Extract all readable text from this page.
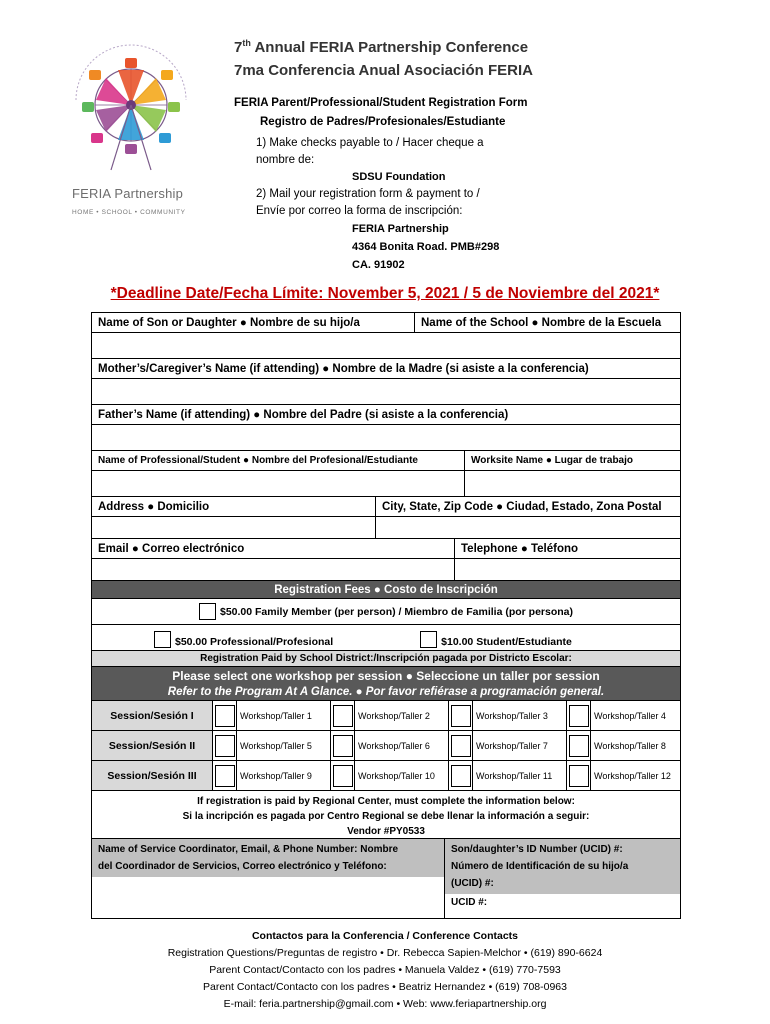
FERIA Partnership
HOME • SCHOOL • COMMUNITY
7th Annual FERIA Partnership Conference
7ma Conferencia Anual Asociación FERIA
FERIA Parent/Professional/Student Registration Form
Registro de Padres/Profesionales/Estudiante
1) Make checks payable to / Hacer cheque a
nombre de:
SDSU Foundation
2) Mail your registration form & payment to /
Envíe por correo la forma de inscripción:
FERIA Partnership
4364 Bonita Road. PMB#298
CA. 91902
*Deadline Date/Fecha Límite: November 5, 2021 / 5 de Noviembre del 2021*
Name of Son or Daughter ● Nombre de su hijo/a	Name of the School ● Nombre de la Escuela
Mother’s/Caregiver’s Name (if attending) ● Nombre de la Madre (si asiste a la conferencia)
Father’s Name (if attending) ● Nombre del Padre (si asiste a la conferencia)
Name of Professional/Student ● Nombre del Profesional/Estudiante	Worksite Name ● Lugar de trabajo
Address ● Domicilio	City, State, Zip Code ● Ciudad, Estado, Zona Postal
Email ● Correo electrónico	Telephone ● Teléfono
Registration Fees ● Costo de Inscripción
$50.00 Family Member (per person) / Miembro de Familia (por persona)
$50.00 Professional/Profesional	$10.00 Student/Estudiante
Registration Paid by School District:/Inscripción pagada por Districto Escolar:
Please select one workshop per session ● Seleccione un taller por session
Refer to the Program At A Glance. ● Por favor refiérase a programación general.
Session/Sesión I	Workshop/Taller 1	Workshop/Taller 2	Workshop/Taller 3	Workshop/Taller 4
Session/Sesión II	Workshop/Taller 5	Workshop/Taller 6	Workshop/Taller 7	Workshop/Taller 8
Session/Sesión III	Workshop/Taller 9	Workshop/Taller 10	Workshop/Taller 11	Workshop/Taller 12
If registration is paid by Regional Center, must complete the information below:
Si la incripción es pagada por Centro Regional se debe llenar la información a seguir:
Vendor #PY0533
Name of Service Coordinator, Email, & Phone Number: Nombre
del Coordinador de Servicios, Correo electrónico y Teléfono:
Son/daughter’s ID Number (UCID) #:
Número de Identificación de su hijo/a
(UCID) #:
UCID #:
Contactos para la Conferencia / Conference Contacts
Registration Questions/Preguntas de registro • Dr. Rebecca Sapien-Melchor • (619) 890-6624
Parent Contact/Contacto con los padres • Manuela Valdez • (619) 770-7593
Parent Contact/Contacto con los padres • Beatriz Hernandez • (619) 708-0963
E-mail: feria.partnership@gmail.com • Web: www.feriapartnership.org
